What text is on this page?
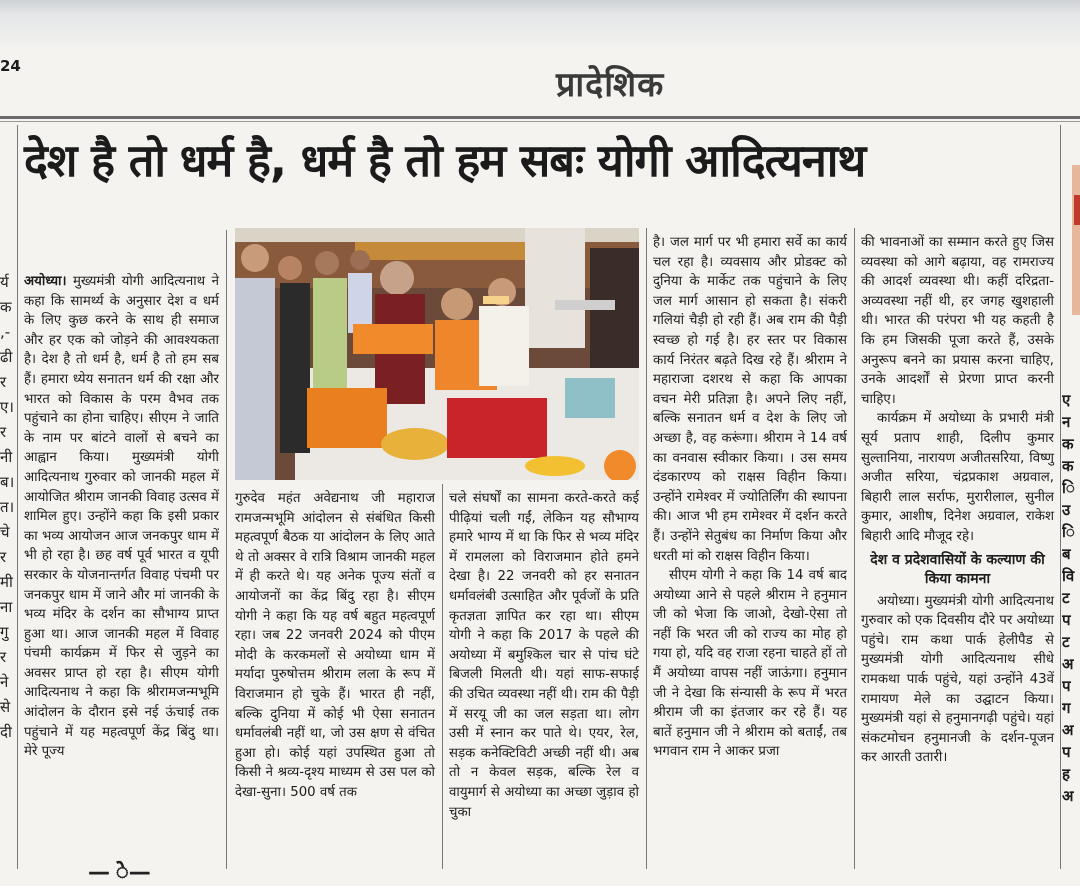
24	प्रादेशिक
र्य क ,- ढी र ए। र नी ब। त। चे र मी ना गु र ने से दी
देश है तो धर्म है, धर्म है तो हम सबः योगी आदित्यनाथ

अयोध्या। मुख्यमंत्री योगी आदित्यनाथ ने कहा कि सामर्थ्य के अनुसार देश व धर्म के लिए कुछ करने के साथ ही समाज और हर एक को जोड़ने की आवश्यकता है। देश है तो धर्म है, धर्म है तो हम सब हैं। हमारा ध्येय सनातन धर्म की रक्षा और भारत को विकास के परम वैभव तक पहुंचाने का होना चाहिए। सीएम ने जाति के नाम पर बांटने वालों से बचने का आह्वान किया। मुख्यमंत्री योगी आदित्यनाथ गुरुवार को जानकी महल में आयोजित श्रीराम जानकी विवाह उत्सव में शामिल हुए। उन्होंने कहा कि इसी प्रकार का भव्य आयोजन आज जनकपुर धाम में भी हो रहा है। छह वर्ष पूर्व भारत व यूपी सरकार के योजनान्तर्गत विवाह पंचमी पर जनकपुर धाम में जाने और मां जानकी के भव्य मंदिर के दर्शन का सौभाग्य प्राप्त हुआ था। आज जानकी महल में विवाह पंचमी कार्यक्रम में फिर से जुड़ने का अवसर प्राप्त हो रहा है। सीएम योगी आदित्यनाथ ने कहा कि श्रीरामजन्मभूमि आंदोलन के दौरान इसे नई ऊंचाई तक पहुंचाने में यह महत्वपूर्ण केंद्र बिंदु था। मेरे पूज्य

गुरुदेव महंत अवेद्यनाथ जी महाराज रामजन्मभूमि आंदोलन से संबंधित किसी महत्वपूर्ण बैठक या आंदोलन के लिए आते थे तो अक्सर वे रात्रि विश्राम जानकी महल में ही करते थे। यह अनेक पूज्य संतों व आयोजनों का केंद्र बिंदु रहा है। सीएम योगी ने कहा कि यह वर्ष बहुत महत्वपूर्ण रहा। जब 22 जनवरी 2024 को पीएम मोदी के करकमलों से अयोध्या धाम में मर्यादा पुरुषोत्तम श्रीराम लला के रूप में विराजमान हो चुके हैं। भारत ही नहीं, बल्कि दुनिया में कोई भी ऐसा सनातन धर्मावलंबी नहीं था, जो उस क्षण से वंचित हुआ हो। कोई यहां उपस्थित हुआ तो किसी ने श्रव्य-दृश्य माध्यम से उस पल को देखा-सुना। 500 वर्ष तक

चले संघर्षों का सामना करते-करते कई पीढ़ियां चली गईं, लेकिन यह सौभाग्य हमारे भाग्य में था कि फिर से भव्य मंदिर में रामलला को विराजमान होते हमने देखा है। 22 जनवरी को हर सनातन धर्मावलंबी उत्साहित और पूर्वजों के प्रति कृतज्ञता ज्ञापित कर रहा था। सीएम योगी ने कहा कि 2017 के पहले की अयोध्या में बमुश्किल चार से पांच घंटे बिजली मिलती थी। यहां साफ-सफाई की उचित व्यवस्था नहीं थी। राम की पैड़ी में सरयू जी का जल सड़ता था। लोग उसी में स्नान कर पाते थे। एयर, रेल, सड़क कनेक्टिविटी अच्छी नहीं थी। अब तो न केवल सड़क, बल्कि रेल व वायुमार्ग से अयोध्या का अच्छा जुड़ाव हो चुका

है। जल मार्ग पर भी हमारा सर्वे का कार्य चल रहा है। व्यवसाय और प्रोडक्ट को दुनिया के मार्केट तक पहुंचाने के लिए जल मार्ग आसान हो सकता है। संकरी गलियां चैड़ी हो रही हैं। अब राम की पैड़ी स्वच्छ हो गई है। हर स्तर पर विकास कार्य निरंतर बढ़ते दिख रहे हैं। श्रीराम ने महाराजा दशरथ से कहा कि आपका वचन मेरी प्रतिज्ञा है। अपने लिए नहीं, बल्कि सनातन धर्म व देश के लिए जो अच्छा है, वह करूंगा। श्रीराम ने 14 वर्ष का वनवास स्वीकार किया। । उस समय दंडकारण्य को राक्षस विहीन किया। उन्होंने रामेश्वर में ज्योतिर्लिंग की स्थापना की। आज भी हम रामेश्वर में दर्शन करते हैं। उन्होंने सेतुबंध का निर्माण किया और धरती मां को राक्षस विहीन किया।

सीएम योगी ने कहा कि 14 वर्ष बाद अयोध्या आने से पहले श्रीराम ने हनुमान जी को भेजा कि जाओ, देखो-ऐसा तो नहीं कि भरत जी को राज्य का मोह हो गया हो, यदि वह राजा रहना चाहते हों तो मैं अयोध्या वापस नहीं जाऊंगा। हनुमान जी ने देखा कि संन्यासी के रूप में भरत श्रीराम जी का इंतजार कर रहे हैं। यह बातें हनुमान जी ने श्रीराम को बताईं, तब भगवान राम ने आकर प्रजा

की भावनाओं का सम्मान करते हुए जिस व्यवस्था को आगे बढ़ाया, वह रामराज्य की आदर्श व्यवस्था थी। कहीं दरिद्रता-अव्यवस्था नहीं थी, हर जगह खुशहाली थी। भारत की परंपरा भी यह कहती है कि हम जिसकी पूजा करते हैं, उसके अनुरूप बनने का प्रयास करना चाहिए, उनके आदर्शों से प्रेरणा प्राप्त करनी चाहिए।

कार्यक्रम में अयोध्या के प्रभारी मंत्री सूर्य प्रताप शाही, दिलीप कुमार सुल्तानिया, नारायण अजीतसरिया, विष्णु अजीत सरिया, चंद्रप्रकाश अग्रवाल, बिहारी लाल सर्राफ, मुरारीलाल, सुनील कुमार, आशीष, दिनेश अग्रवाल, राकेश बिहारी आदि मौजूद रहे।

देश व प्रदेशवासियों के कल्याण की किया कामना

अयोध्या। मुख्यमंत्री योगी आदित्यनाथ गुरुवार को एक दिवसीय दौरे पर अयोध्या पहुंचे। राम कथा पार्क हेलीपैड से मुख्यमंत्री योगी आदित्यनाथ सीधे रामकथा पार्क पहुंचे, यहां उन्होंने 43वें रामायण मेले का उद्घाटन किया। मुख्यमंत्री यहां से हनुमानगढ़ी पहुंचे। यहां संकटमोचन हनुमानजी के दर्शन-पूजन कर आरती उतारी।

ए न क क ि उ ि ब वि ट प ट अ प ग अ प ह अ
— ेे—
